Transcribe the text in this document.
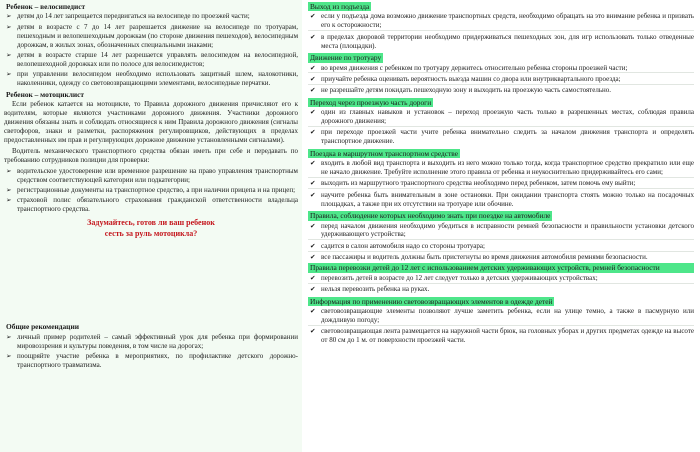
Ребенок – велосипедист
➢ детям до 14 лет запрещается передвигаться на велосипеде по проезжей части;
➢ детям в возрасте с 7 до 14 лет разрешается движение на велосипеде по тротуарам, пешеходным и велопешеходным дорожкам (по стороне движения пешеходов), велосипедным дорожкам, в жилых зонах, обозначенных специальными знаками;
➢ детям в возрасте старше 14 лет разрешается управлять велосипедом на велосипедной, велопешеходной дорожках или по полосе для велосипедистов;
➢ при управлении велосипедом необходимо использовать защитный шлем, налокотники, наколенники, одежду со световозвращающими элементами, велосипедные перчатки.
Ребенок – мотоциклист

Если ребенок катается на мотоцикле, то Правила дорожного движения причисляют его к водителям, которые являются участниками дорожного движения. Участники дорожного движения обязаны знать и соблюдать относящиеся к ним Правила дорожного движения (сигналы светофоров, знаки и разметки, распоряжения регулировщиков, действующих в пределах предоставленных им прав и регулирующих дорожное движение установленными сигналами).

Водитель механического транспортного средства обязан иметь при себе и передавать по требованию сотрудников полиции для проверки:

➢ водительское удостоверение или временное разрешение на право управления транспортным средством соответствующей категории или подкатегории;
➢ регистрационные документы на транспортное средство, а при наличии прицепа и на прицеп;
➢ страховой полис обязательного страхования гражданской ответственности владельца транспортного средства.
Задумайтесь, готов ли ваш ребенок
сесть за руль мотоцикла?
Общие рекомендации
➢ личный пример родителей – самый эффективный урок для ребенка при формировании мировоззрения и культуры поведения, в том числе на дорогах;
➢ поощряйте участие ребенка в мероприятиях, по профилактике детского дорожно-транспортного травматизма.
Выход из подъезда
✔ если у подъезда дома возможно движение транспортных средств, необходимо обращать на это внимание ребенка и призвать его к осторожности;
✔ в пределах дворовой территории необходимо придерживаться пешеходных зон, для игр использовать только отведенные места (площадки).
Движение по тротуару
✔ во время движения с ребенком по тротуару держитесь относительно ребенка стороны проезжей части;
✔ приучайте ребенка оценивать вероятность выезда машин со двора или внутриквартального проезда;
✔ не разрешайте детям покидать пешеходную зону и выходить на проезжую часть самостоятельно.
Переход через проезжую часть дороги
✔ один из главных навыков и установок – переход проезжую часть только в разрешенных местах, соблюдая правила дорожного движения;
✔ при переходе проезжей части учите ребенка внимательно следить за началом движения транспорта и определять транспортное движение.
Поездка в маршрутном транспортном средстве
✔ входить в любой вид транспорта и выходить из него можно только тогда, когда транспортное средство прекратило или еще не начало движение. Требуйте исполнение этого правила от ребенка и неукоснительно придерживайтесь его сами;
✔ выходить из маршрутного транспортного средства необходимо перед ребенком, затем помочь ему выйти;
✔ научите ребенка быть внимательным в зоне остановки. При ожидании транспорта стоять можно только на посадочных площадках, а также при их отсутствии на тротуаре или обочине.
Правила, соблюдение которых необходимо знать при поездке на автомобиле
✔ перед началом движения необходимо убедиться в исправности ремней безопасности и правильности установки детского удерживающего устройства;
✔ садится в салон автомобиля надо со стороны тротуара;
✔ все пассажиры и водитель должны быть пристегнуты во время движения автомобиля ремнями безопасности.
Правила перевозки детей до 12 лет с использованием детских удерживающих устройств, ремней безопасности
✔ перевозить детей в возрасте до 12 лет следует только в детских удерживающих устройствах;
✔ нельзя перевозить ребенка на руках.
Информация по применению световозвращающих элементов в одежде детей
✔ световозвращающие элементы позволяют лучше заметить ребенка, если на улице темно, а также в пасмурную или дождливую погоду;
✔ световозвращающая лента размещается на наружной части брюк, на головных уборах и других предметах одежде на высоте от 80 см до 1 м. от поверхности проезжей части.
